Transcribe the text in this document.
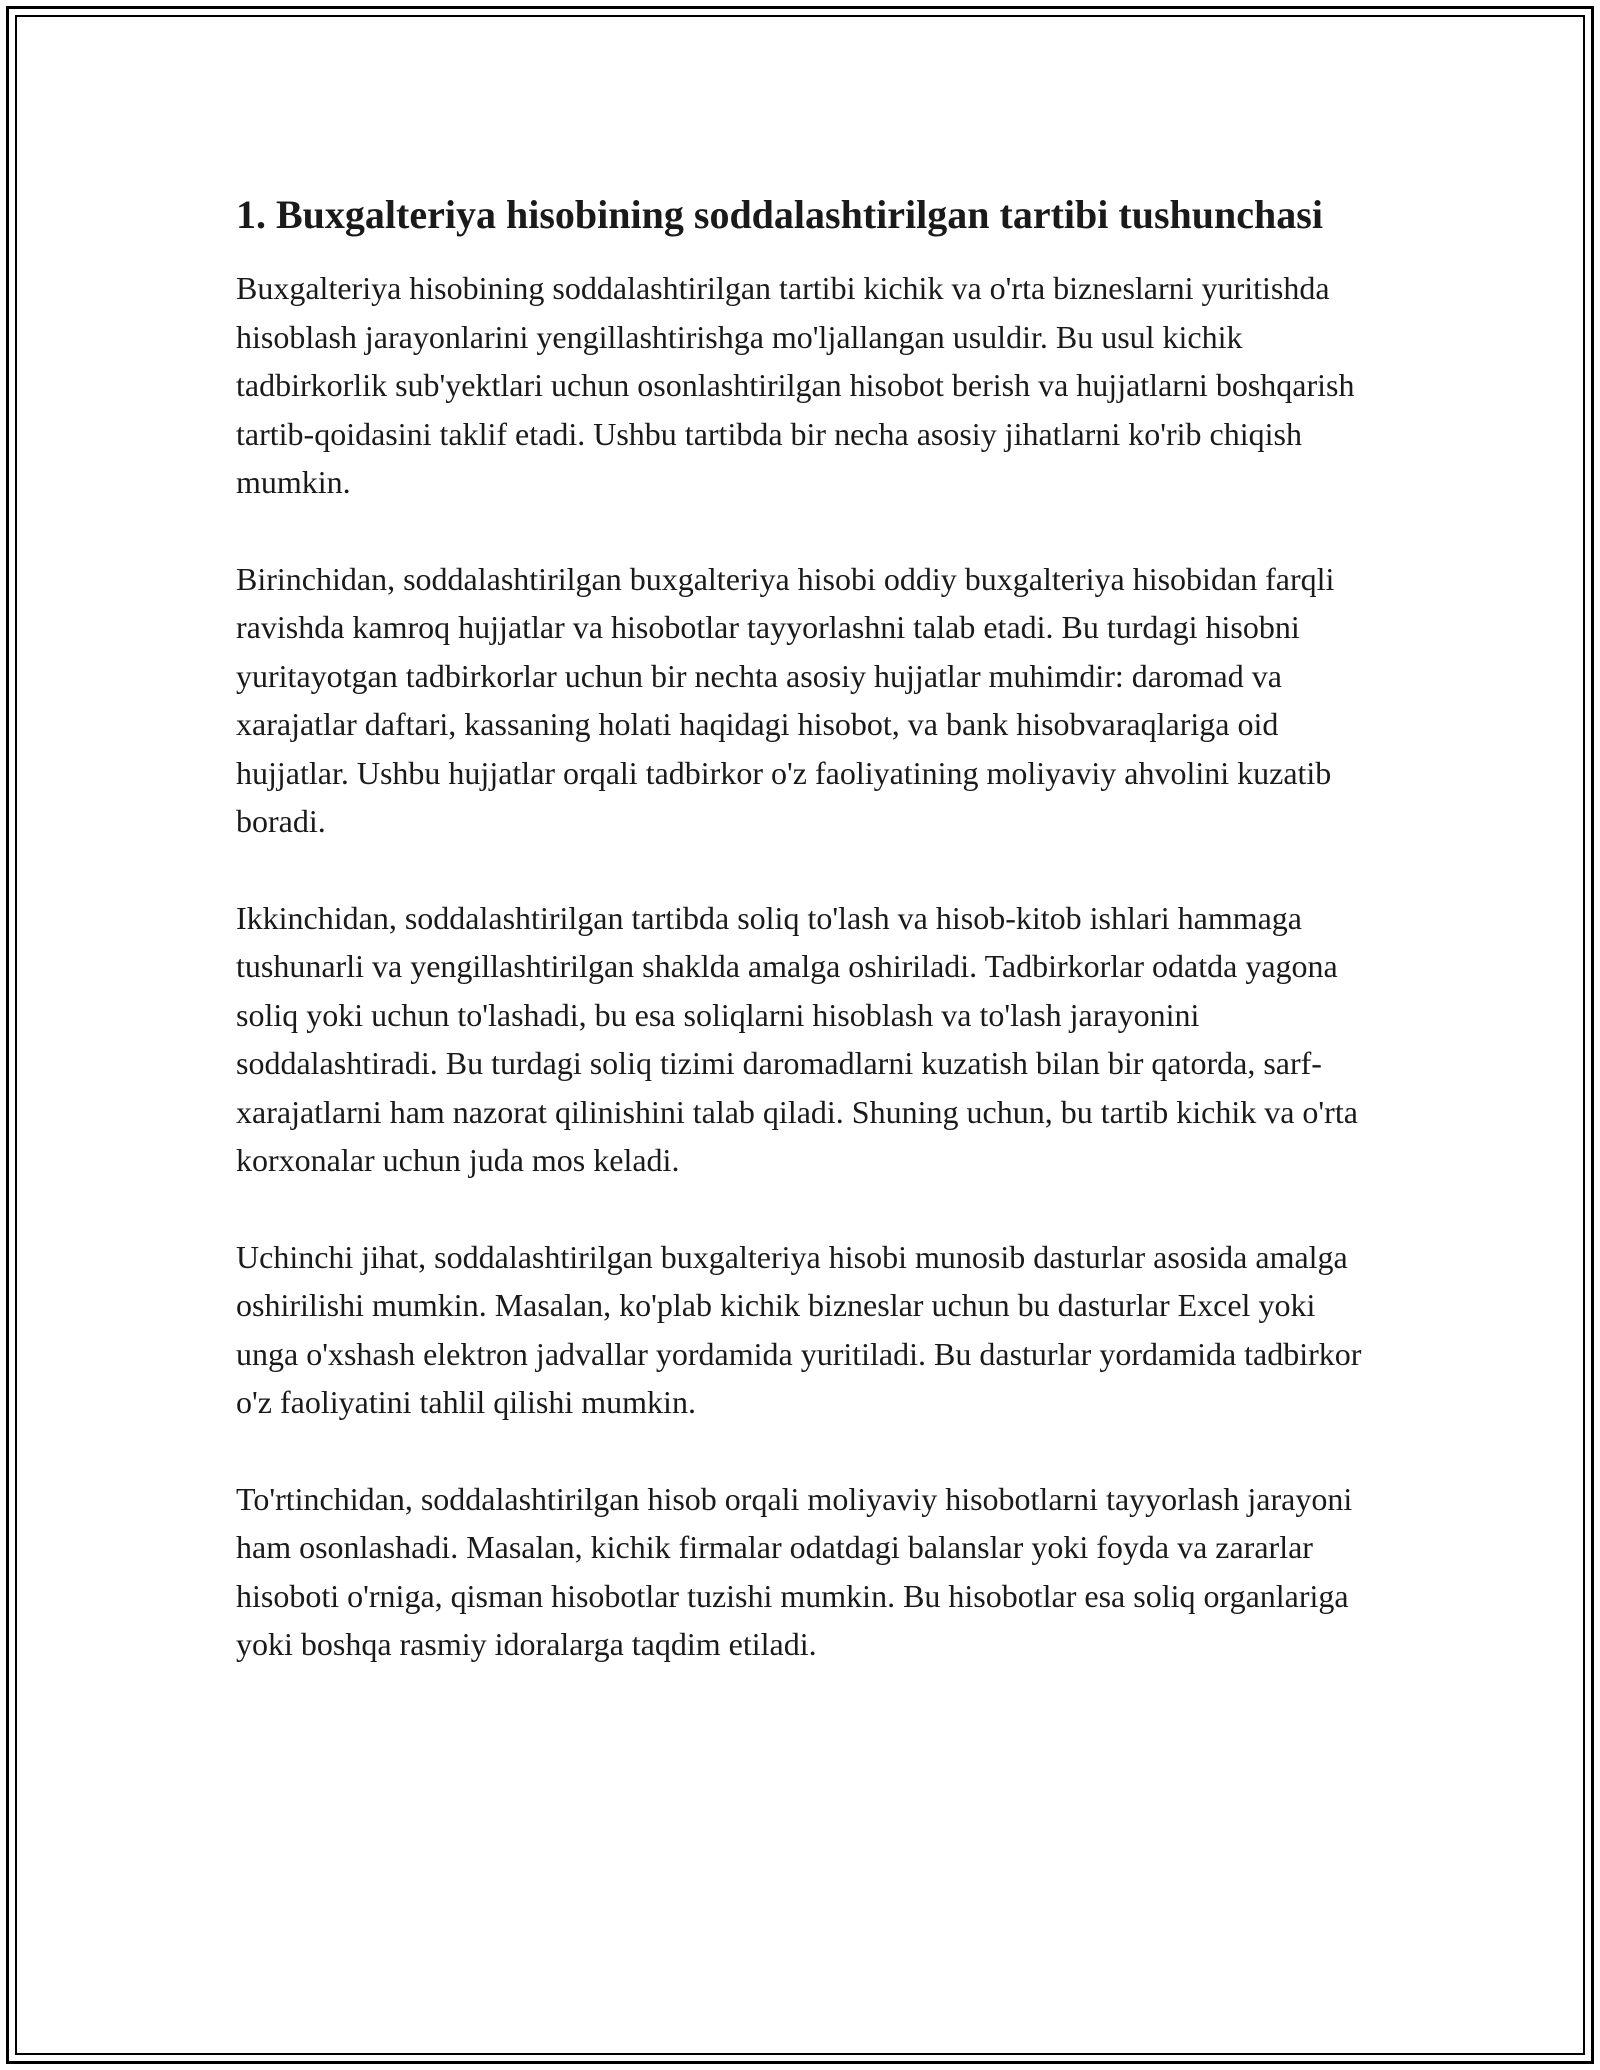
1. Buxgalteriya hisobining soddalashtirilgan tartibi tushunchasi

Buxgalteriya hisobining soddalashtirilgan tartibi kichik va o'rta bizneslarni yuritishda hisoblash jarayonlarini yengillashtirishga mo'ljallangan usuldir. Bu usul kichik tadbirkorlik sub'yektlari uchun osonlashtirilgan hisobot berish va hujjatlarni boshqarish tartib-qoidasini taklif etadi. Ushbu tartibda bir necha asosiy jihatlarni ko'rib chiqish mumkin.

Birinchidan, soddalashtirilgan buxgalteriya hisobi oddiy buxgalteriya hisobidan farqli ravishda kamroq hujjatlar va hisobotlar tayyorlashni talab etadi. Bu turdagi hisobni yuritayotgan tadbirkorlar uchun bir nechta asosiy hujjatlar muhimdir: daromad va xarajatlar daftari, kassaning holati haqidagi hisobot, va bank hisobvaraqlariga oid hujjatlar. Ushbu hujjatlar orqali tadbirkor o'z faoliyatining moliyaviy ahvolini kuzatib boradi.

Ikkinchidan, soddalashtirilgan tartibda soliq to'lash va hisob-kitob ishlari hammaga tushunarli va yengillashtirilgan shaklda amalga oshiriladi. Tadbirkorlar odatda yagona soliq yoki uchun to'lashadi, bu esa soliqlarni hisoblash va to'lash jarayonini soddalashtiradi. Bu turdagi soliq tizimi daromadlarni kuzatish bilan bir qatorda, sarf-xarajatlarni ham nazorat qilinishini talab qiladi. Shuning uchun, bu tartib kichik va o'rta korxonalar uchun juda mos keladi.

Uchinchi jihat, soddalashtirilgan buxgalteriya hisobi munosib dasturlar asosida amalga oshirilishi mumkin. Masalan, ko'plab kichik bizneslar uchun bu dasturlar Excel yoki unga o'xshash elektron jadvallar yordamida yuritiladi. Bu dasturlar yordamida tadbirkor o'z faoliyatini tahlil qilishi mumkin.

To'rtinchidan, soddalashtirilgan hisob orqali moliyaviy hisobotlarni tayyorlash jarayoni ham osonlashadi. Masalan, kichik firmalar odatdagi balanslar yoki foyda va zararlar hisoboti o'rniga, qisman hisobotlar tuzishi mumkin. Bu hisobotlar esa soliq organlariga yoki boshqa rasmiy idoralarga taqdim etiladi.
